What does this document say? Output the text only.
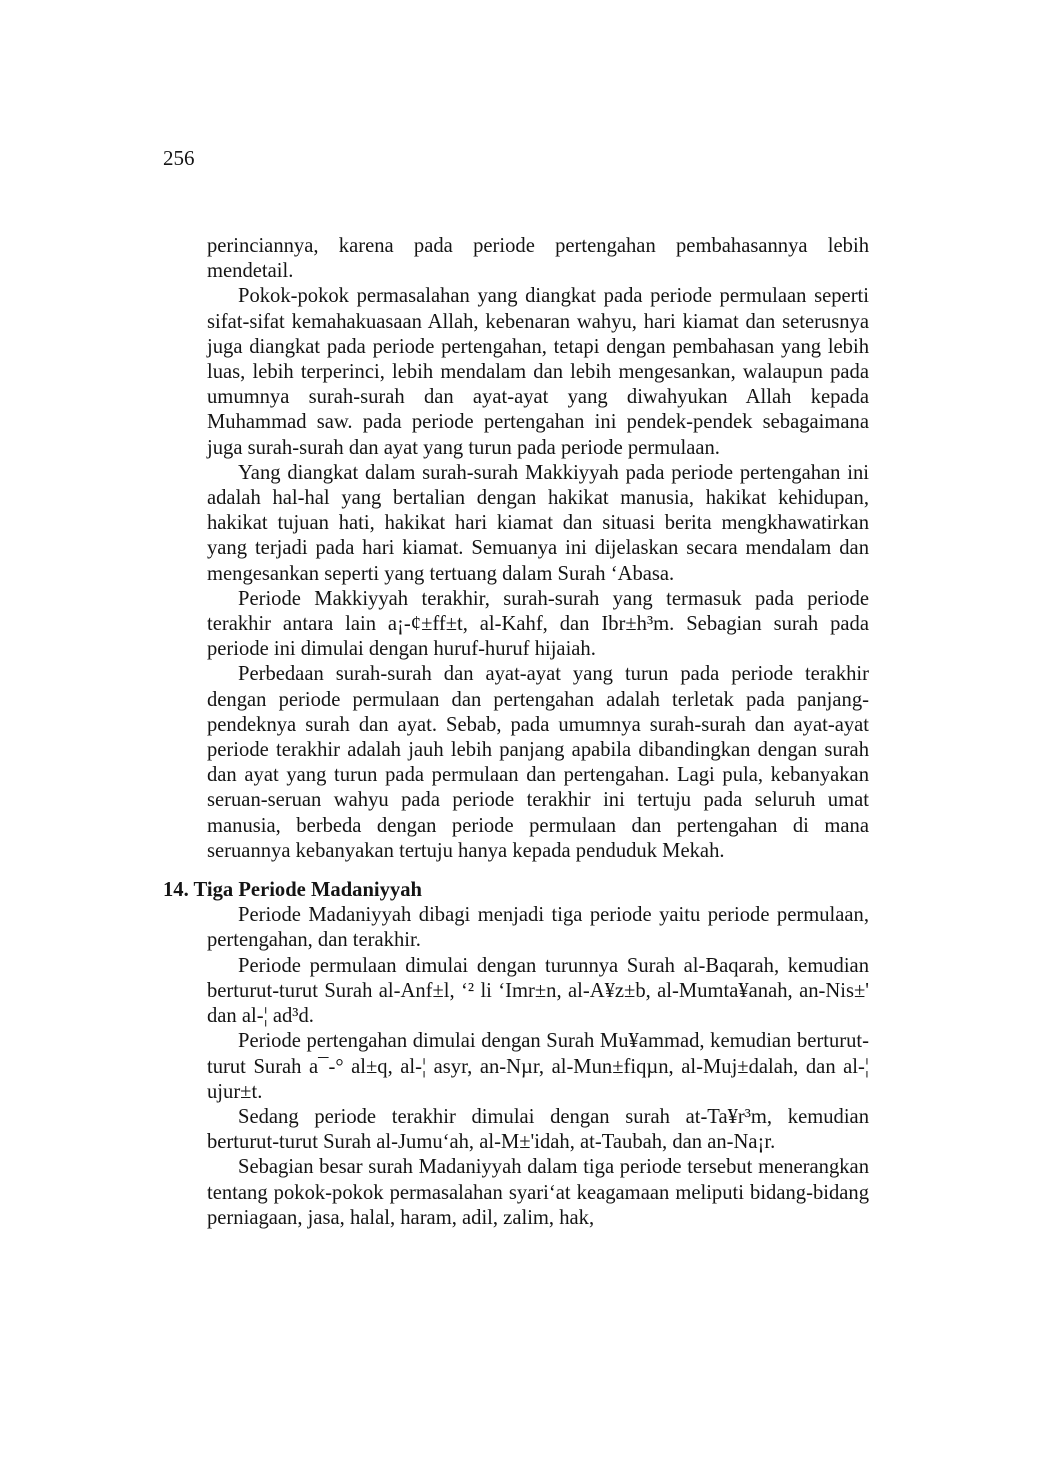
256

perinciannya, karena pada periode pertengahan pembahasannya lebih mendetail.

Pokok-pokok permasalahan yang diangkat pada periode permulaan seperti sifat-sifat kemahakuasaan Allah, kebenaran wahyu, hari kiamat dan seterusnya juga diangkat pada periode pertengahan, tetapi dengan pembahasan yang lebih luas, lebih terperinci, lebih mendalam dan lebih mengesankan, walaupun pada umumnya surah-surah dan ayat-ayat yang diwahyukan Allah kepada Muhammad saw. pada periode pertengahan ini pendek-pendek sebagaimana juga surah-surah dan ayat yang turun pada periode permulaan.

Yang diangkat dalam surah-surah Makkiyyah pada periode pertengahan ini adalah hal-hal yang bertalian dengan hakikat manusia, hakikat kehidupan, hakikat tujuan hati, hakikat hari kiamat dan situasi berita mengkhawatirkan yang terjadi pada hari kiamat. Semuanya ini dijelaskan secara mendalam dan mengesankan seperti yang tertuang dalam Surah ‘Abasa.

Periode Makkiyyah terakhir, surah-surah yang termasuk pada periode terakhir antara lain a¡-¢±ff±t, al-Kahf, dan Ibr±h³m. Sebagian surah pada periode ini dimulai dengan huruf-huruf hijaiah.

Perbedaan surah-surah dan ayat-ayat yang turun pada periode terakhir dengan periode permulaan dan pertengahan adalah terletak pada panjang-pendeknya surah dan ayat. Sebab, pada umumnya surah-surah dan ayat-ayat periode terakhir adalah jauh lebih panjang apabila dibandingkan dengan surah dan ayat yang turun pada permulaan dan pertengahan. Lagi pula, kebanyakan seruan-seruan wahyu pada periode terakhir ini tertuju pada seluruh umat manusia, berbeda dengan periode permulaan dan pertengahan di mana seruannya kebanyakan tertuju hanya kepada penduduk Mekah.

14. Tiga Periode Madaniyyah

Periode Madaniyyah dibagi menjadi tiga periode yaitu periode permulaan, pertengahan, dan terakhir.

Periode permulaan dimulai dengan turunnya Surah al-Baqarah, kemudian berturut-turut Surah al-Anf±l, ‘² li ‘Imr±n, al-A¥z±b, al-Mumta¥anah, an-Nis±' dan al-¦ ad³d.

Periode pertengahan dimulai dengan Surah Mu¥ammad, kemudian berturut-turut Surah a¯-° al±q, al-¦ asyr, an-Nµr, al-Mun±fiqµn, al-Muj±dalah, dan al-¦ ujur±t.

Sedang periode terakhir dimulai dengan surah at-Ta¥r³m, kemudian berturut-turut Surah al-Jumu‘ah, al-M±'idah, at-Taubah, dan an-Na¡r.

Sebagian besar surah Madaniyyah dalam tiga periode tersebut menerangkan tentang pokok-pokok permasalahan syari‘at keagamaan meliputi bidang-bidang perniagaan, jasa, halal, haram, adil, zalim, hak,
